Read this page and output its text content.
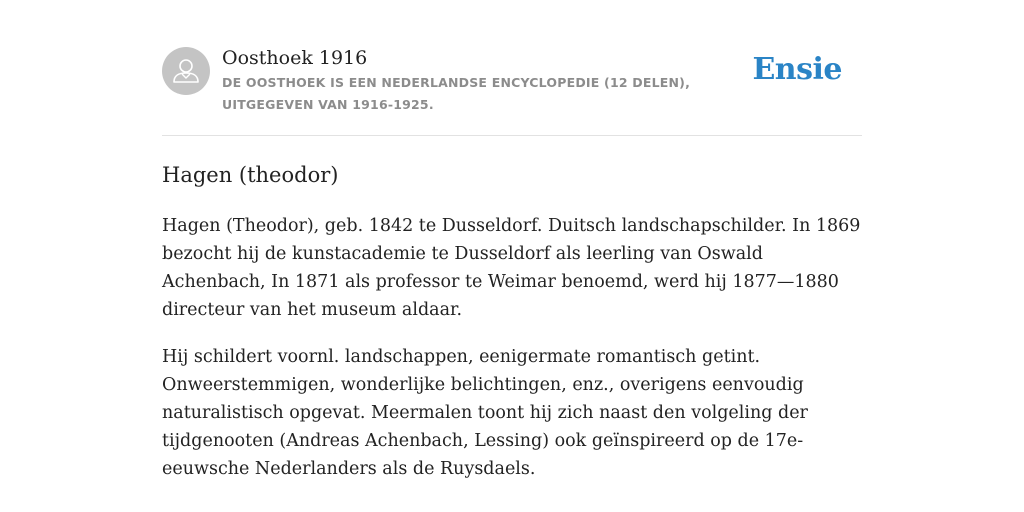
Oosthoek 1916
DE OOSTHOEK IS EEN NEDERLANDSE ENCYCLOPEDIE (12 DELEN), UITGEGEVEN VAN 1916-1925.
Ensie
Hagen (theodor)

Hagen (Theodor), geb. 1842 te Dusseldorf. Duitsch landschapschilder. In 1869 bezocht hij de kunstacademie te Dusseldorf als leerling van Oswald Achenbach, In 1871 als professor te Weimar benoemd, werd hij 1877—1880 directeur van het museum aldaar.

Hij schildert voornl. landschappen, eenigermate romantisch getint. Onweerstemmigen, wonderlijke belichtingen, enz., overigens eenvoudig naturalistisch opgevat. Meermalen toont hij zich naast den volgeling der tijdgenooten (Andreas Achenbach, Lessing) ook geïnspireerd op de 17e-eeuwsche Nederlanders als de Ruysdaels.
